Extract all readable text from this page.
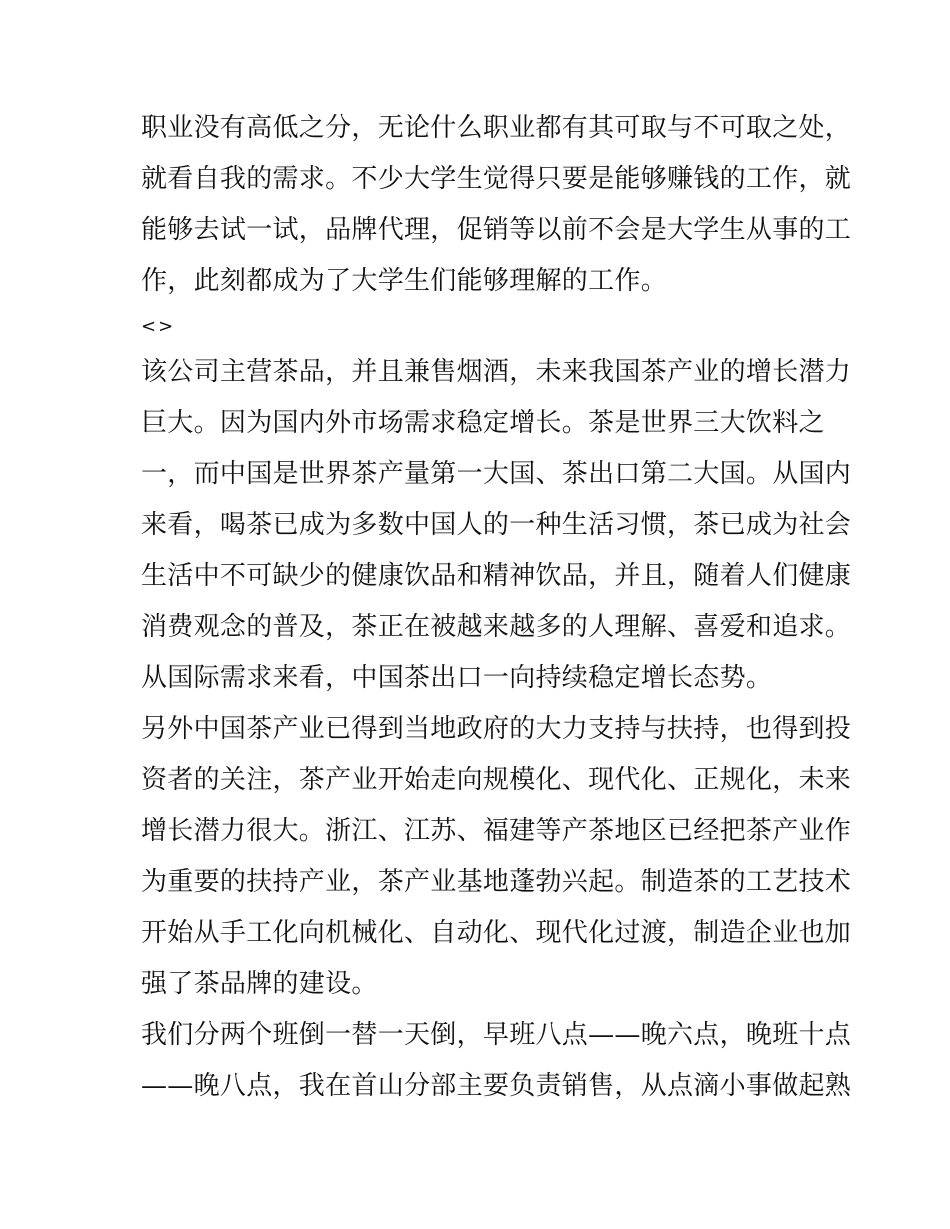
职业没有高低之分，无论什么职业都有其可取与不可取之处，
就看自我的需求。不少大学生觉得只要是能够赚钱的工作，就
能够去试一试，品牌代理，促销等以前不会是大学生从事的工
作，此刻都成为了大学生们能够理解的工作。
<>
该公司主营茶品，并且兼售烟酒，未来我国茶产业的增长潜力
巨大。因为国内外市场需求稳定增长。茶是世界三大饮料之
一，而中国是世界茶产量第一大国、茶出口第二大国。从国内
来看，喝茶已成为多数中国人的一种生活习惯，茶已成为社会
生活中不可缺少的健康饮品和精神饮品，并且，随着人们健康
消费观念的普及，茶正在被越来越多的人理解、喜爱和追求。
从国际需求来看，中国茶出口一向持续稳定增长态势。
另外中国茶产业已得到当地政府的大力支持与扶持，也得到投
资者的关注，茶产业开始走向规模化、现代化、正规化，未来
增长潜力很大。浙江、江苏、福建等产茶地区已经把茶产业作
为重要的扶持产业，茶产业基地蓬勃兴起。制造茶的工艺技术
开始从手工化向机械化、自动化、现代化过渡，制造企业也加
强了茶品牌的建设。
我们分两个班倒一替一天倒，早班八点——晚六点，晚班十点
——晚八点，我在首山分部主要负责销售，从点滴小事做起熟
